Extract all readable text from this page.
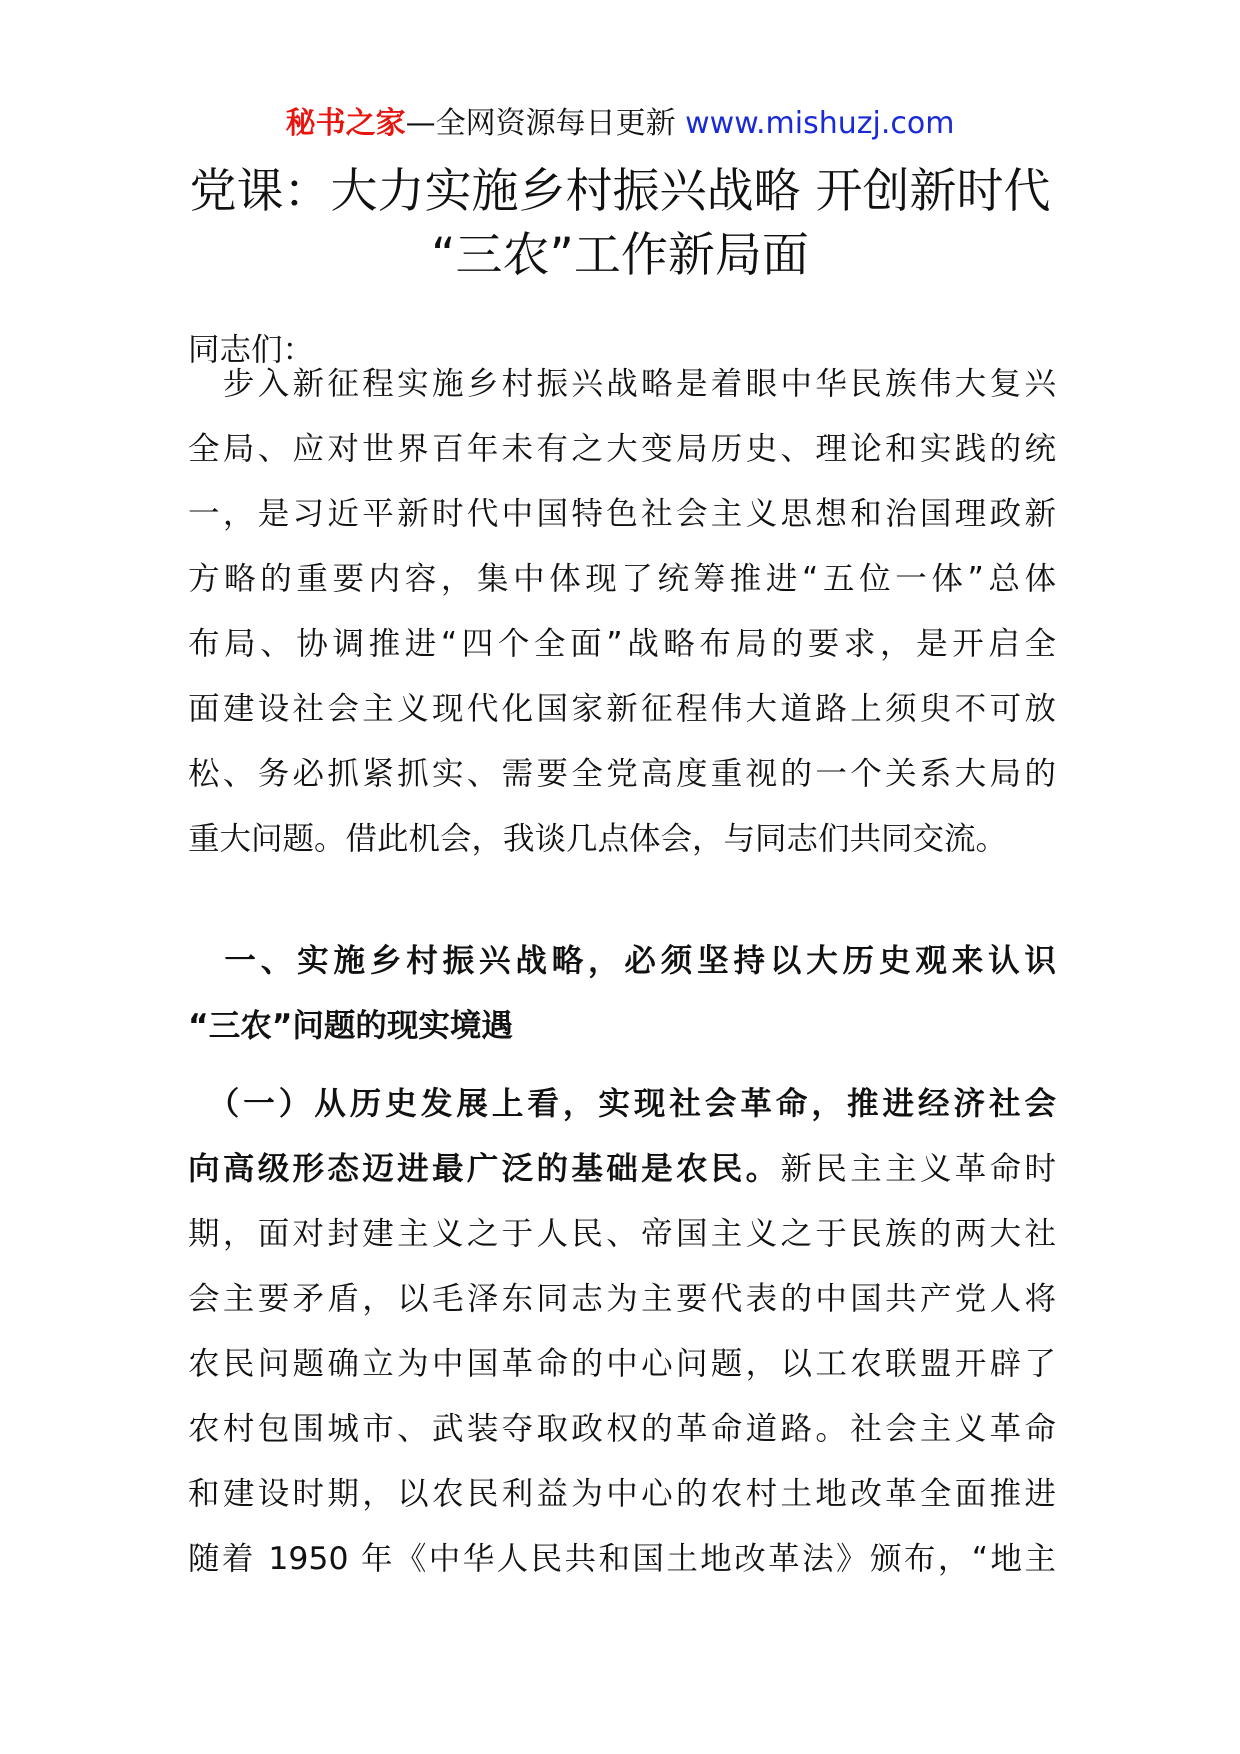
秘书之家—全网资源每日更新 www.mishuzj.com
党课：大力实施乡村振兴战略 开创新时代
“三农”工作新局面
同志们：
　步入新征程实施乡村振兴战略是着眼中华民族伟大复兴
全局、应对世界百年未有之大变局历史、理论和实践的统
一，是习近平新时代中国特色社会主义思想和治国理政新
方略的重要内容，集中体现了统筹推进“五位一体”总体
布局、协调推进“四个全面”战略布局的要求，是开启全
面建设社会主义现代化国家新征程伟大道路上须臾不可放
松、务必抓紧抓实、需要全党高度重视的一个关系大局的
重大问题。借此机会，我谈几点体会，与同志们共同交流。
　一、实施乡村振兴战略，必须坚持以大历史观来认识
“三农”问题的现实境遇
　（一）从历史发展上看，实现社会革命，推进经济社会
向高级形态迈进最广泛的基础是农民。新民主主义革命时
期，面对封建主义之于人民、帝国主义之于民族的两大社
会主要矛盾，以毛泽东同志为主要代表的中国共产党人将
农民问题确立为中国革命的中心问题，以工农联盟开辟了
农村包围城市、武装夺取政权的革命道路。社会主义革命
和建设时期，以农民利益为中心的农村土地改革全面推进
随着 1950 年《中华人民共和国土地改革法》颁布，“地主
